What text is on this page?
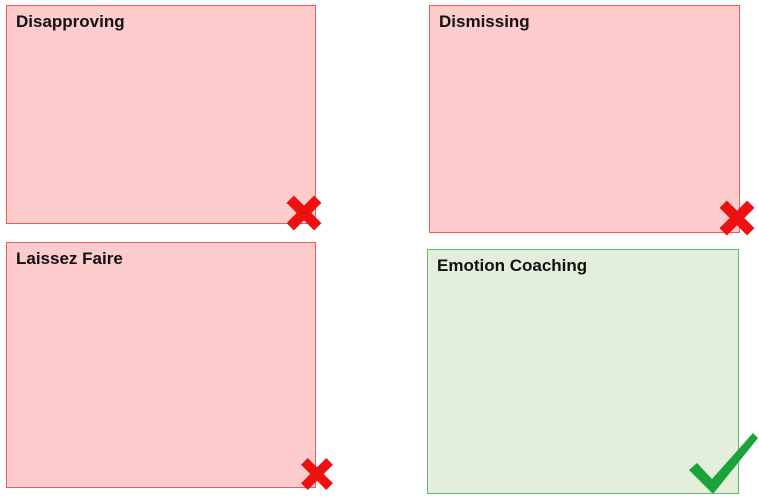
Disapproving	Dismissing
Laissez Faire	Emotion Coaching
